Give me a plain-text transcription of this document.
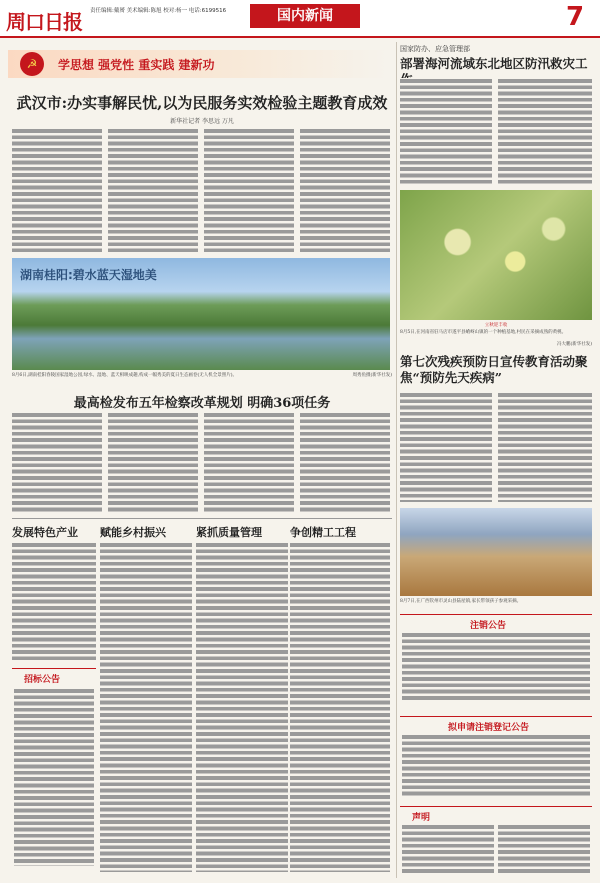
周口日报 责任编辑:戴赟 美术编辑:陈旭 校对:杨一 电话:6199516	国内新闻	7
学思想 强党性 重实践 建新功
☭
武汉市:办实事解民忧,以为民服务实效检验主题教育成效
新华社记者 李思远 万凡
湖南桂阳:碧水蓝天湿地美
8月6日,湖南桂阳春陵国家湿地公园,绿水、湿地、蓝天相映成趣,构成一幅秀美的夏日生态画卷(无人机全景照片)。	周秀鱼摄(新华社发)
最高检发布五年检察改革规划 明确36项任务
发展特色产业 赋能乡村振兴	紧抓质量管理	争创精工工程
招标公告
国家防办、应急管理部
部署海河流域东北地区防汛救灾工
立秋迎丰收
8月5日,在河南省驻马店市遂平县嵖岈山镇的一个种植基地,村民在采摘成熟的黄桃。
冯大鹏(新华社发)
第七次残疾预防日宣传教育活动聚焦“预防先天疾病”
8月7日,在广西钦州市灵山县陆屋镇,家长带领孩子参观采摘。
注销公告
拟申请注销登记公告
声明
